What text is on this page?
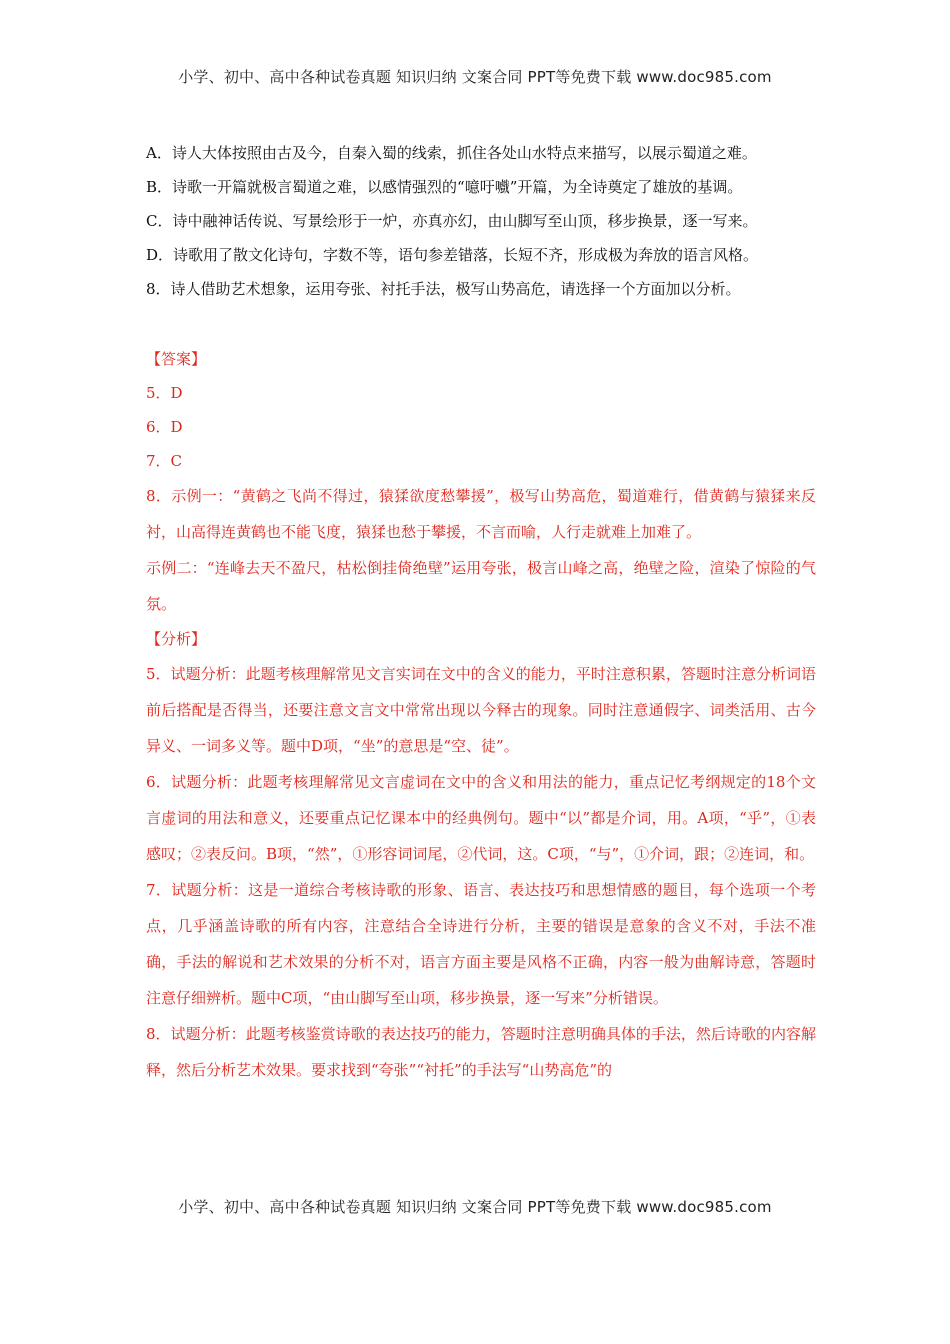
小学、初中、高中各种试卷真题 知识归纳 文案合同 PPT等免费下载 www.doc985.com
A．诗人大体按照由古及今，自秦入蜀的线索，抓住各处山水特点来描写，以展示蜀道之难。
B．诗歌一开篇就极言蜀道之难，以感情强烈的“噫吁嚱”开篇，为全诗奠定了雄放的基调。
C．诗中融神话传说、写景绘形于一炉，亦真亦幻，由山脚写至山顶，移步换景，逐一写来。
D．诗歌用了散文化诗句，字数不等，语句参差错落，长短不齐，形成极为奔放的语言风格。
8．诗人借助艺术想象，运用夸张、衬托手法，极写山势高危，请选择一个方面加以分析。
【答案】
5．D
6．D
7．C
8．示例一：“黄鹤之飞尚不得过，猿猱欲度愁攀援”，极写山势高危，蜀道难行，借黄鹤与猿猱来反衬，山高得连黄鹤也不能飞度，猿猱也愁于攀援，不言而喻，人行走就难上加难了。
示例二：“连峰去天不盈尺，枯松倒挂倚绝壁”运用夸张，极言山峰之高，绝壁之险，渲染了惊险的气氛。
【分析】
5．试题分析：此题考核理解常见文言实词在文中的含义的能力，平时注意积累，答题时注意分析词语前后搭配是否得当，还要注意文言文中常常出现以今释古的现象。同时注意通假字、词类活用、古今异义、一词多义等。题中D项，“坐”的意思是“空、徒”。
6．试题分析：此题考核理解常见文言虚词在文中的含义和用法的能力，重点记忆考纲规定的18个文言虚词的用法和意义，还要重点记忆课本中的经典例句。题中“以”都是介词，用。A项，“乎”，①表感叹；②表反问。B项，“然”，①形容词词尾，②代词，这。C项，“与”，①介词，跟；②连词，和。
7．试题分析：这是一道综合考核诗歌的形象、语言、表达技巧和思想情感的题目，每个选项一个考点，几乎涵盖诗歌的所有内容，注意结合全诗进行分析，主要的错误是意象的含义不对，手法不准确，手法的解说和艺术效果的分析不对，语言方面主要是风格不正确，内容一般为曲解诗意，答题时注意仔细辨析。题中C项，“由山脚写至山项，移步换景，逐一写来”分析错误。
8．试题分析：此题考核鉴赏诗歌的表达技巧的能力，答题时注意明确具体的手法，然后诗歌的内容解释，然后分析艺术效果。要求找到“夸张”“衬托”的手法写“山势高危”的
小学、初中、高中各种试卷真题 知识归纳 文案合同 PPT等免费下载 www.doc985.com
